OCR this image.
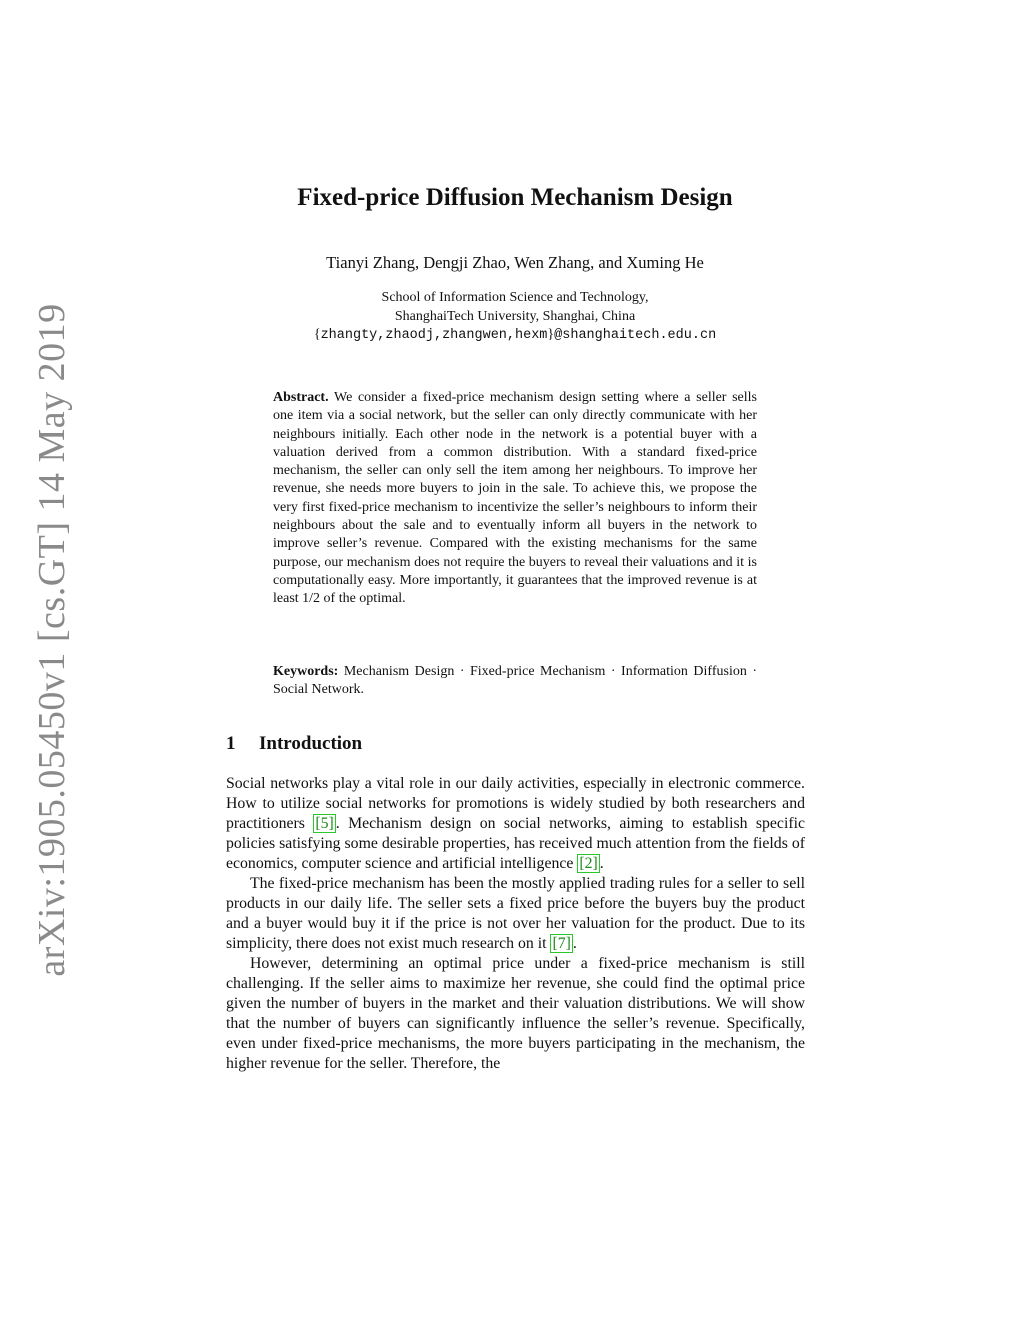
arXiv:1905.05450v1 [cs.GT] 14 May 2019
Fixed-price Diffusion Mechanism Design
Tianyi Zhang, Dengji Zhao, Wen Zhang, and Xuming He
School of Information Science and Technology,
ShanghaiTech University, Shanghai, China
{zhangty,zhaodj,zhangwen,hexm}@shanghaitech.edu.cn
Abstract. We consider a fixed-price mechanism design setting where a seller sells one item via a social network, but the seller can only directly communicate with her neighbours initially. Each other node in the network is a potential buyer with a valuation derived from a common distribution. With a standard fixed-price mechanism, the seller can only sell the item among her neighbours. To improve her revenue, she needs more buyers to join in the sale. To achieve this, we propose the very first fixed-price mechanism to incentivize the seller’s neighbours to inform their neighbours about the sale and to eventually inform all buyers in the network to improve seller’s revenue. Compared with the existing mechanisms for the same purpose, our mechanism does not require the buyers to reveal their valuations and it is computationally easy. More importantly, it guarantees that the improved revenue is at least 1/2 of the optimal.
Keywords: Mechanism Design · Fixed-price Mechanism · Information Diffusion · Social Network.
1 Introduction

Social networks play a vital role in our daily activities, especially in electronic commerce. How to utilize social networks for promotions is widely studied by both researchers and practitioners [5] . Mechanism design on social networks, aiming to establish specific policies satisfying some desirable properties, has received much attention from the fields of economics, computer science and artificial intelligence [2] .

The fixed-price mechanism has been the mostly applied trading rules for a seller to sell products in our daily life. The seller sets a fixed price before the buyers buy the product and a buyer would buy it if the price is not over her valuation for the product. Due to its simplicity, there does not exist much research on it [7] .

However, determining an optimal price under a fixed-price mechanism is still challenging. If the seller aims to maximize her revenue, she could find the optimal price given the number of buyers in the market and their valuation distributions. We will show that the number of buyers can significantly influence the seller’s revenue. Specifically, even under fixed-price mechanisms, the more buyers participating in the mechanism, the higher revenue for the seller. Therefore, the
